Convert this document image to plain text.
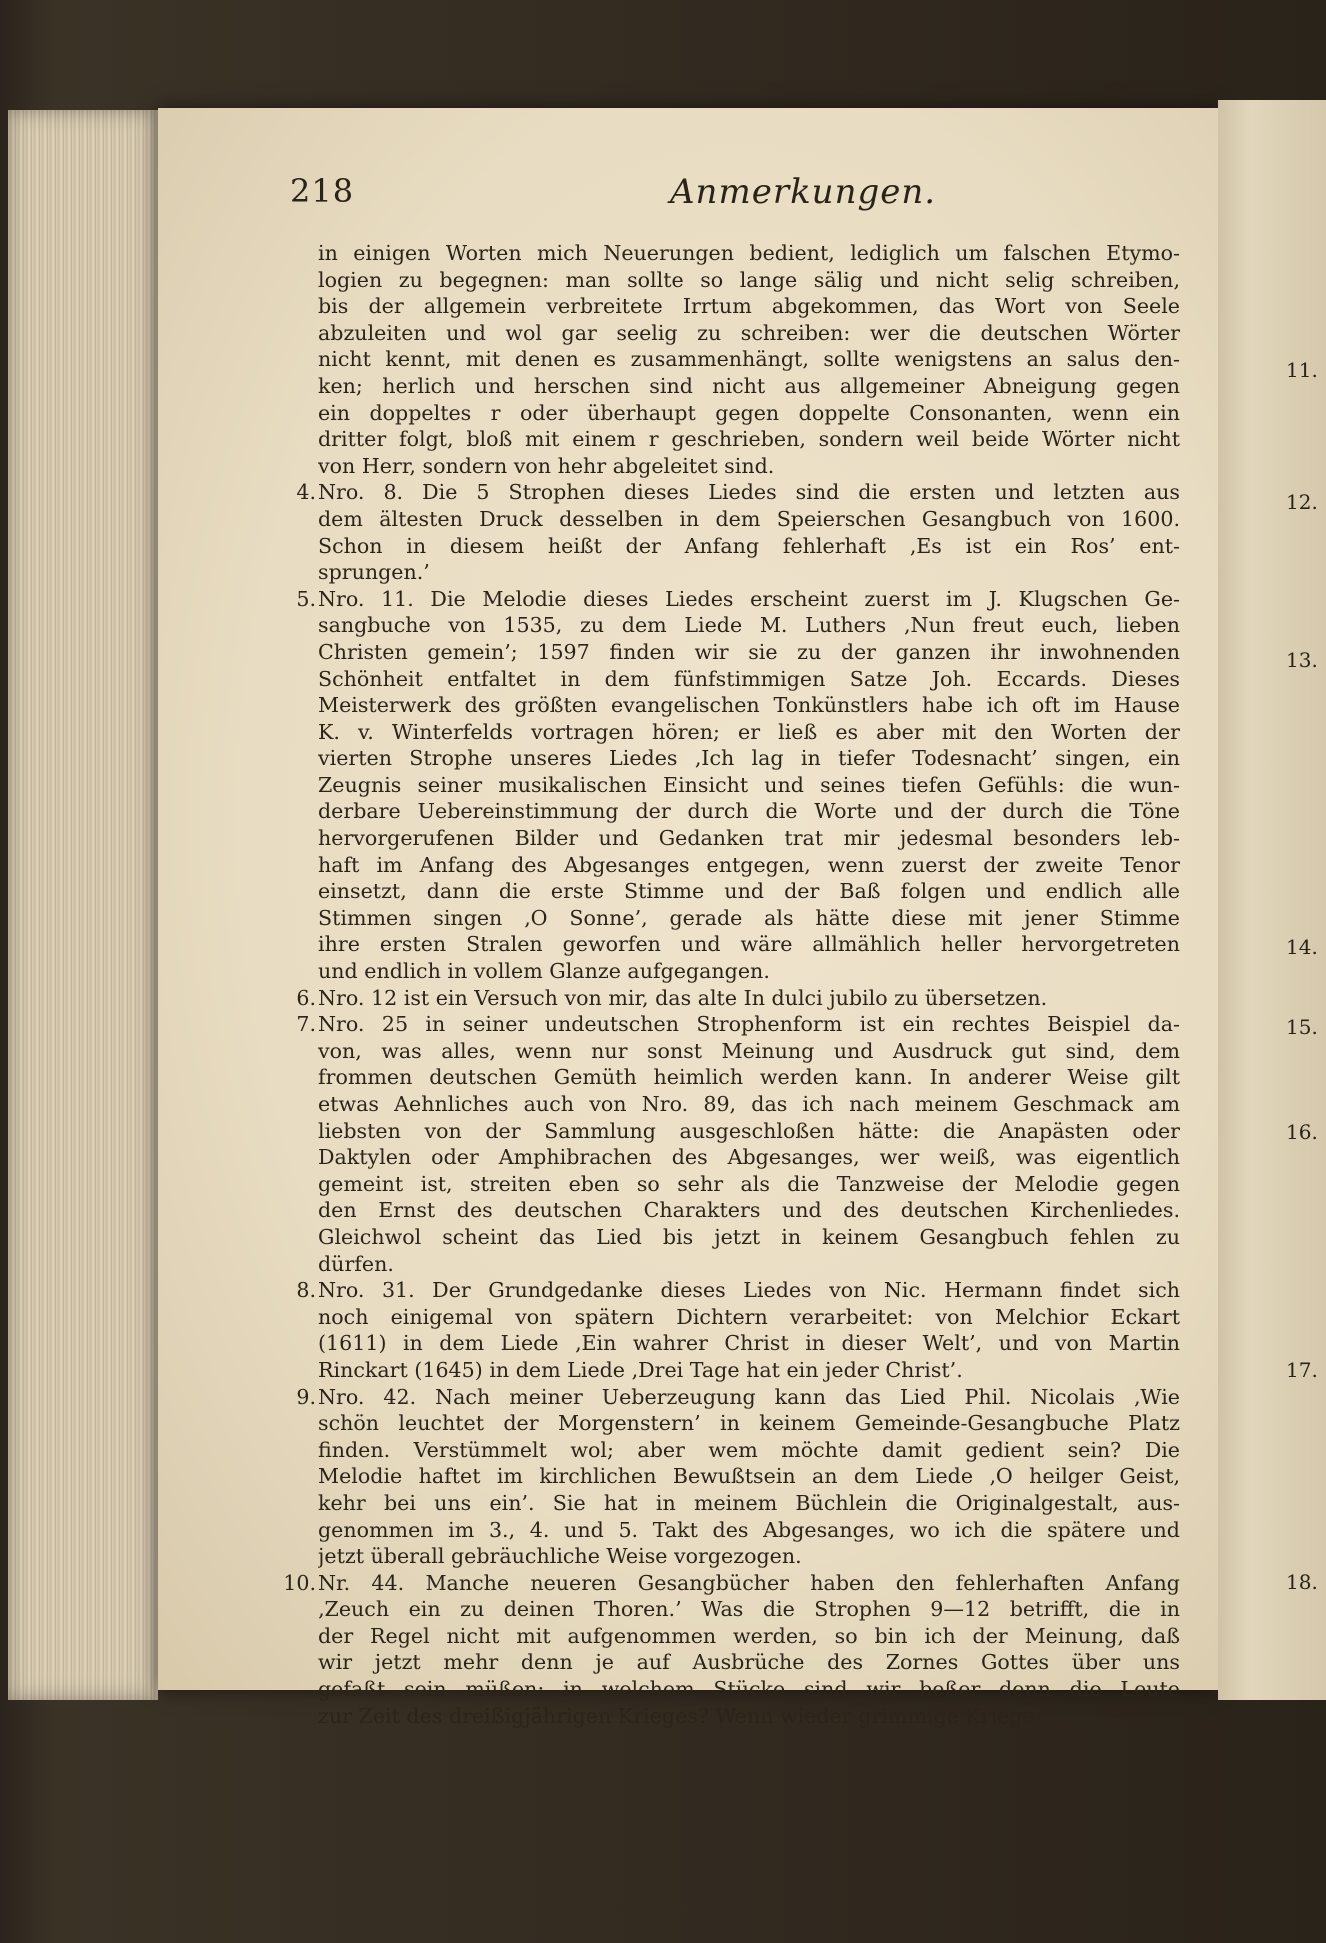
218	Anmerkungen.
in einigen Worten mich Neuerungen bedient, lediglich um falschen Etymo-
logien zu begegnen: man sollte so lange sälig und nicht selig schreiben,
bis der allgemein verbreitete Irrtum abgekommen, das Wort von Seele
abzuleiten und wol gar seelig zu schreiben: wer die deutschen Wörter
nicht kennt, mit denen es zusammenhängt, sollte wenigstens an salus den-
ken; herlich und herschen sind nicht aus allgemeiner Abneigung gegen
ein doppeltes r oder überhaupt gegen doppelte Consonanten, wenn ein
dritter folgt, bloß mit einem r geschrieben, sondern weil beide Wörter nicht
von Herr, sondern von hehr abgeleitet sind.
4. Nro. 8. Die 5 Strophen dieses Liedes sind die ersten und letzten aus
dem ältesten Druck desselben in dem Speierschen Gesangbuch von 1600.
Schon in diesem heißt der Anfang fehlerhaft ‚Es ist ein Ros’ ent-
sprungen.’
5. Nro. 11. Die Melodie dieses Liedes erscheint zuerst im J. Klugschen Ge-
sangbuche von 1535, zu dem Liede M. Luthers ‚Nun freut euch, lieben
Christen gemein’; 1597 finden wir sie zu der ganzen ihr inwohnenden
Schönheit entfaltet in dem fünfstimmigen Satze Joh. Eccards. Dieses
Meisterwerk des größten evangelischen Tonkünstlers habe ich oft im Hause
K. v. Winterfelds vortragen hören; er ließ es aber mit den Worten der
vierten Strophe unseres Liedes ‚Ich lag in tiefer Todesnacht’ singen, ein
Zeugnis seiner musikalischen Einsicht und seines tiefen Gefühls: die wun-
derbare Uebereinstimmung der durch die Worte und der durch die Töne
hervorgerufenen Bilder und Gedanken trat mir jedesmal besonders leb-
haft im Anfang des Abgesanges entgegen, wenn zuerst der zweite Tenor
einsetzt, dann die erste Stimme und der Baß folgen und endlich alle
Stimmen singen ‚O Sonne’, gerade als hätte diese mit jener Stimme
ihre ersten Stralen geworfen und wäre allmählich heller hervorgetreten
und endlich in vollem Glanze aufgegangen.
6. Nro. 12 ist ein Versuch von mir, das alte In dulci jubilo zu übersetzen.
7. Nro. 25 in seiner undeutschen Strophenform ist ein rechtes Beispiel da-
von, was alles, wenn nur sonst Meinung und Ausdruck gut sind, dem
frommen deutschen Gemüth heimlich werden kann. In anderer Weise gilt
etwas Aehnliches auch von Nro. 89, das ich nach meinem Geschmack am
liebsten von der Sammlung ausgeschloßen hätte: die Anapästen oder
Daktylen oder Amphibrachen des Abgesanges, wer weiß, was eigentlich
gemeint ist, streiten eben so sehr als die Tanzweise der Melodie gegen
den Ernst des deutschen Charakters und des deutschen Kirchenliedes.
Gleichwol scheint das Lied bis jetzt in keinem Gesangbuch fehlen zu
dürfen.
8. Nro. 31. Der Grundgedanke dieses Liedes von Nic. Hermann findet sich
noch einigemal von spätern Dichtern verarbeitet: von Melchior Eckart
(1611) in dem Liede ‚Ein wahrer Christ in dieser Welt’, und von Martin
Rinckart (1645) in dem Liede ‚Drei Tage hat ein jeder Christ’.
9. Nro. 42. Nach meiner Ueberzeugung kann das Lied Phil. Nicolais ‚Wie
schön leuchtet der Morgenstern’ in keinem Gemeinde-Gesangbuche Platz
finden. Verstümmelt wol; aber wem möchte damit gedient sein? Die
Melodie haftet im kirchlichen Bewußtsein an dem Liede ‚O heilger Geist,
kehr bei uns ein’. Sie hat in meinem Büchlein die Originalgestalt, aus-
genommen im 3., 4. und 5. Takt des Abgesanges, wo ich die spätere und
jetzt überall gebräuchliche Weise vorgezogen.
10. Nr. 44. Manche neueren Gesangbücher haben den fehlerhaften Anfang
‚Zeuch ein zu deinen Thoren.’ Was die Strophen 9—12 betrifft, die in
der Regel nicht mit aufgenommen werden, so bin ich der Meinung, daß
wir jetzt mehr denn je auf Ausbrüche des Zornes Gottes über uns
gefaßt sein müßen: in welchem Stücke sind wir beßer denn die Leute
zur Zeit des dreißigjährigen Krieges? Wenn wieder grimmige Kriege
11.
12.
13.
14.
15.
16.
17.
18.
